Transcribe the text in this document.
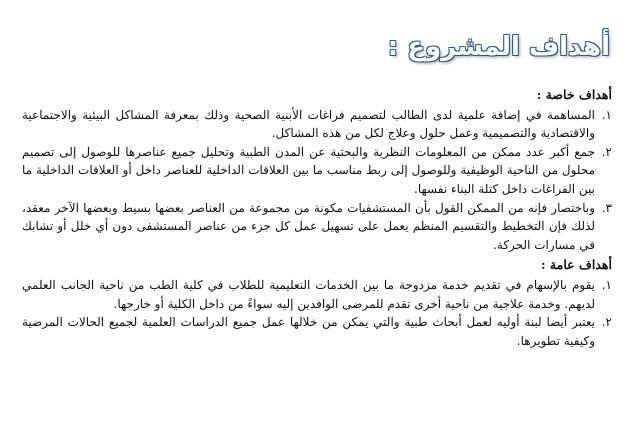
أهداف المشروع :
أهداف خاصة :
١.
المساهمة في إضافة علمية لدى الطالب لتصميم فراغات الأبنية الصحية وذلك بمعرفة المشاكل البيئية والاجتماعية والاقتصادية والتصميمية وعمل حلول وعلاج لكل من هذه المشاكل.
٢.
جمع أكبر عدد ممكن من المعلومات النظرية والبحثية عن المدن الطبية وتحليل جميع عناصرها للوصول إلى تصميم محلول من الناحية الوظيفية وللوصول إلى ربط مناسب ما بين العلاقات الداخلية للعناصر داخل أو العلاقات الداخلية ما بين الفراغات داخل كتلة البناء نفسها.
٣.
وباختصار فإنه من الممكن القول بأن المستشفيات مكونة من مجموعة من العناصر بعضها بسيط وبعضها الآخر معقد، لذلك فإن التخطيط والتقسيم المنظم يعمل على تسهيل عمل كل جزء من عناصر المستشفى دون أي خلل أو تشابك في مسارات الحركة.
أهداف عامة :
١.
يقوم بالإسهام في تقديم خدمة مزدوجة ما بين الخدمات التعليمية للطلاب في كلية الطب من ناحية الجانب العلمي لديهم. وخدمة علاجية من ناحية أخرى تقدم للمرضى الوافدين إليه سواءً من داخل الكلية أو خارجها.
٢.
يعتبر أيضا لبنة أوليه لعمل أبحاث طبية والتي يمكن من خلالها عمل جميع الدراسات العلمية لجميع الحالات المرضية وكيفية تطويرها.
